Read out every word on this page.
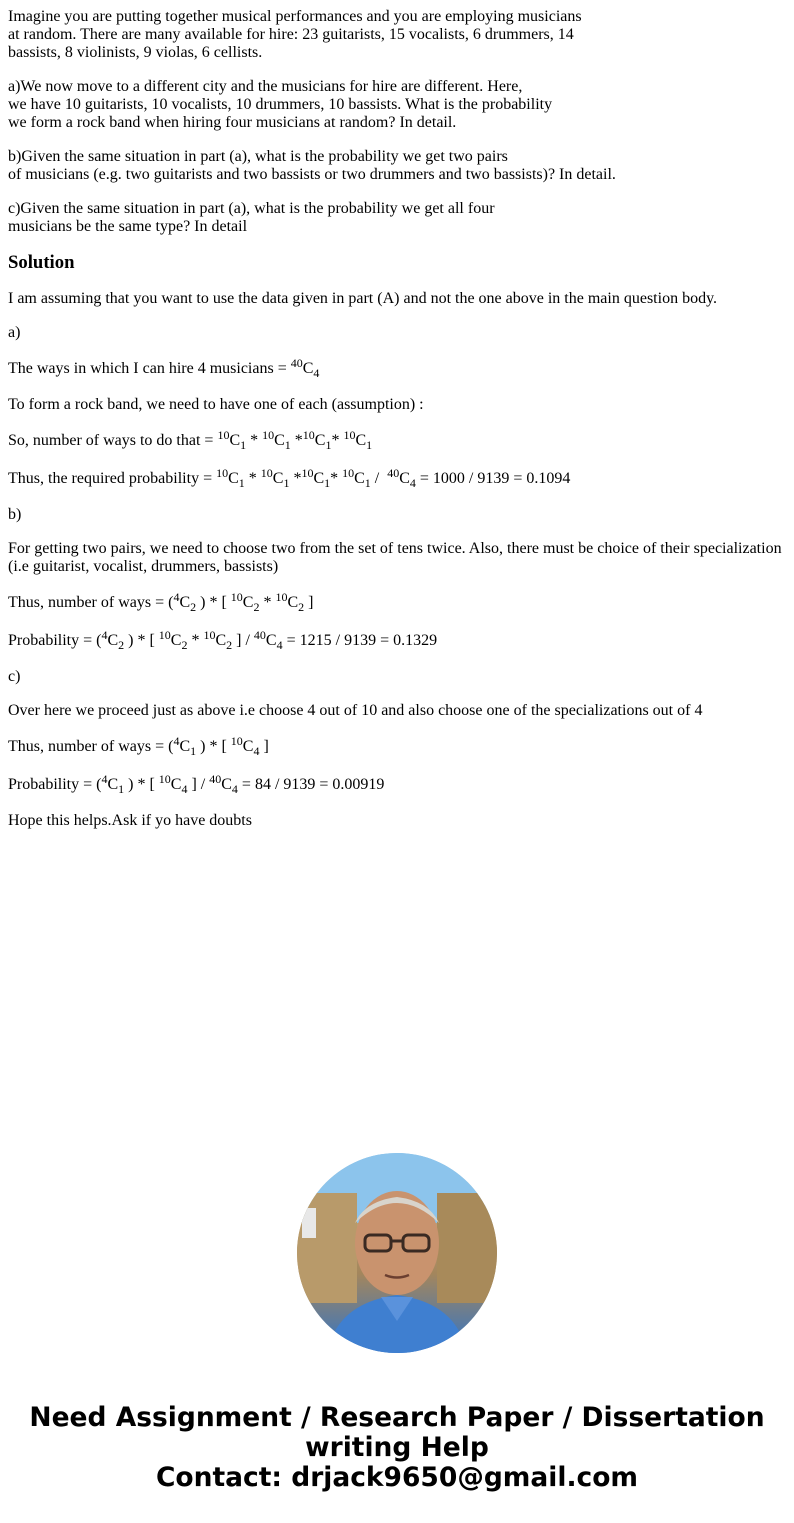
Imagine you are putting together musical performances and you are employing musicians
at random. There are many available for hire: 23 guitarists, 15 vocalists, 6 drummers, 14
bassists, 8 violinists, 9 violas, 6 cellists.

a)We now move to a different city and the musicians for hire are different. Here,
we have 10 guitarists, 10 vocalists, 10 drummers, 10 bassists. What is the probability
we form a rock band when hiring four musicians at random? In detail.

b)Given the same situation in part (a), what is the probability we get two pairs
of musicians (e.g. two guitarists and two bassists or two drummers and two bassists)? In detail.

c)Given the same situation in part (a), what is the probability we get all four
musicians be the same type? In detail

Solution

I am assuming that you want to use the data given in part (A) and not the one above in the main question body.

a)

The ways in which I can hire 4 musicians = $^{40}C_4$

To form a rock band, we need to have one of each (assumption) :

So, number of ways to do that = $^{10}C_1 * ^{10}C_1$ $*^{10}C_1*$ $^{10}C_1$

Thus, the required probability = $^{10}C_1 * ^{10}C_1$ $*^{10}C_1*$ $^{10}C_1 / ^{40}C_4 = 1000 / 9139 = 0.1094$

b)

For getting two pairs, we need to choose two from the set of tens twice. Also, there must be choice of their specialization (i.e guitarist, vocalist, drummers, bassists)

Thus, number of ways = ($^4C_2$ ) * [ $^{10}C_2 * ^{10}C_2$ ]

Probability = ($^4C_2$ ) * [ $^{10}C_2 * ^{10}C_2$ ] / $^{40}C_4 = 1215 / 9139 = 0.1329$

c)

Over here we proceed just as above i.e choose 4 out of 10 and also choose one of the specializations out of 4

Thus, number of ways = ($^4C_1$ ) * [ $^{10}C_4$ ]

Probability = ($^4C_1$ ) * [ $^{10}C_4$ ] / $^{40}C_4 = 84 / 9139 = 0.00919$

Hope this helps.Ask if yo have doubts

Need Assignment / Research Paper / Dissertation
writing Help
Contact: drjack9650@gmail.com
